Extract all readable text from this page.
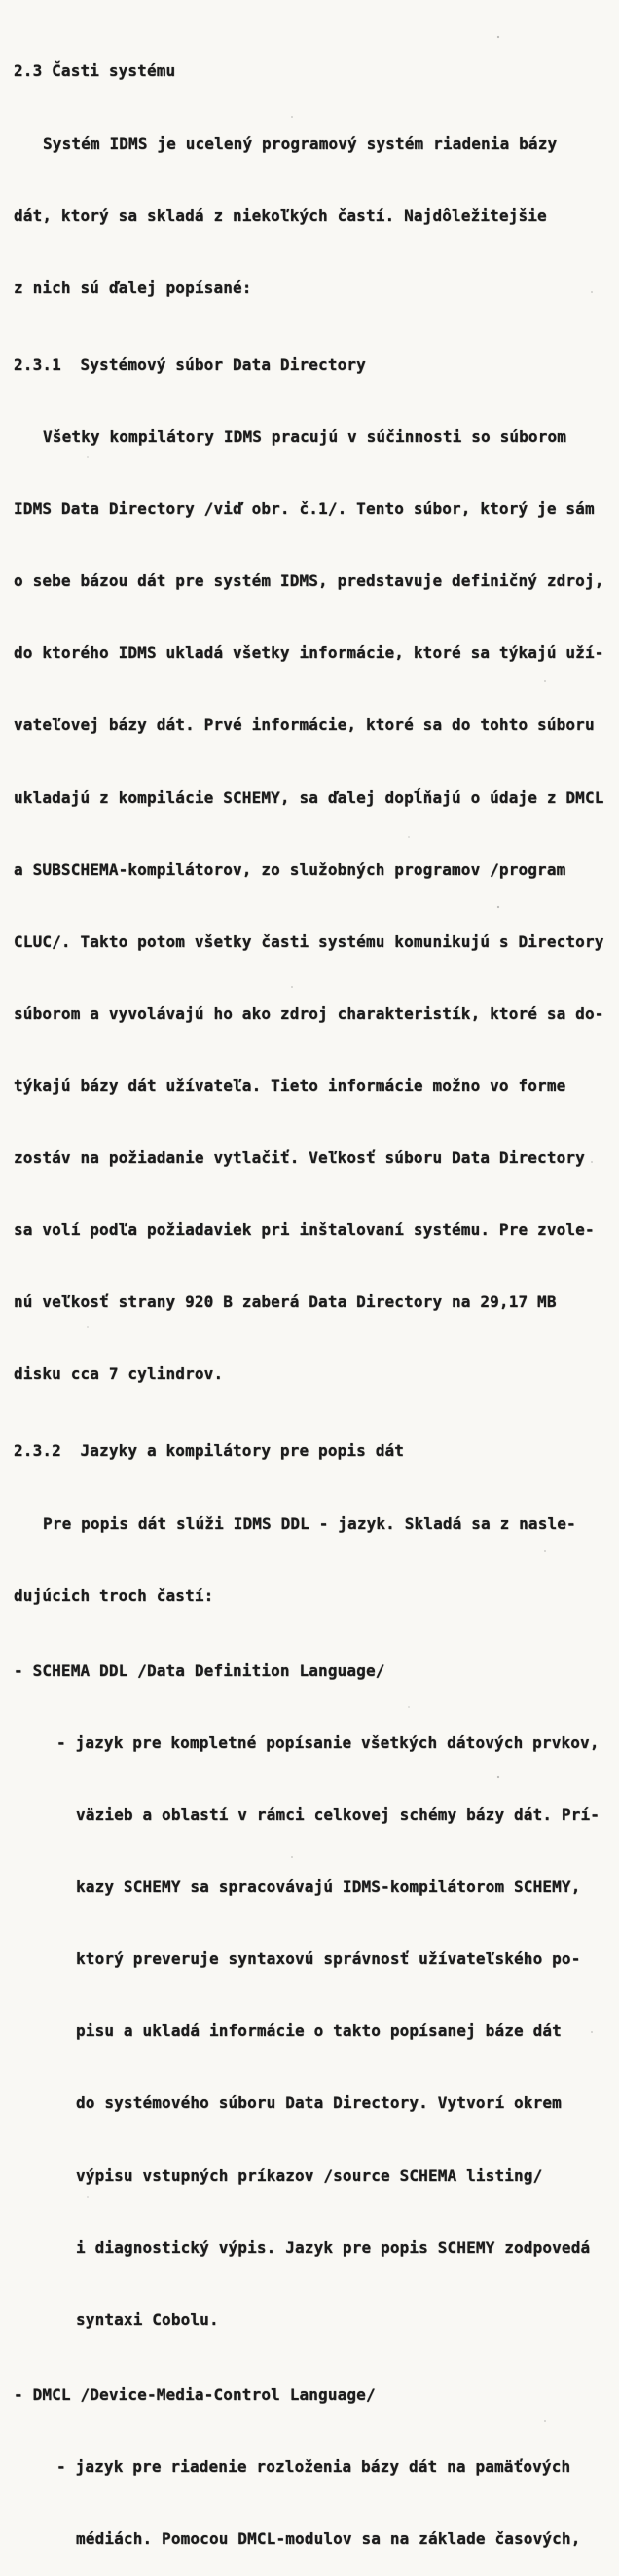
2.3 Časti systému

Systém IDMS je ucelený programový systém riadenia bázy

dát, ktorý sa skladá z niekoľkých častí. Najdôležitejšie

z nich sú ďalej popísané:

2.3.1  Systémový súbor Data Directory

Všetky kompilátory IDMS pracujú v súčinnosti so súborom

IDMS Data Directory /viď obr. č.1/. Tento súbor, ktorý je sám

o sebe bázou dát pre systém IDMS, predstavuje definičný zdroj,

do ktorého IDMS ukladá všetky informácie, ktoré sa týkajú uží-

vateľovej bázy dát. Prvé informácie, ktoré sa do tohto súboru

ukladajú z kompilácie SCHEMY, sa ďalej dopĺňajú o údaje z DMCL

a SUBSCHEMA-kompilátorov, zo služobných programov /program

CLUC/. Takto potom všetky časti systému komunikujú s Directory

súborom a vyvolávajú ho ako zdroj charakteristík, ktoré sa do-

týkajú bázy dát užívateľa. Tieto informácie možno vo forme

zostáv na požiadanie vytlačiť. Veľkosť súboru Data Directory

sa volí podľa požiadaviek pri inštalovaní systému. Pre zvole-

nú veľkosť strany 920 B zaberá Data Directory na 29,17 MB

disku cca 7 cylindrov.

2.3.2  Jazyky a kompilátory pre popis dát

Pre popis dát slúži IDMS DDL - jazyk. Skladá sa z nasle-

dujúcich troch častí:

- SCHEMA DDL /Data Definition Language/

- jazyk pre kompletné popísanie všetkých dátových prvkov,

väzieb a oblastí v rámci celkovej schémy bázy dát. Prí-

kazy SCHEMY sa spracovávajú IDMS-kompilátorom SCHEMY,

ktorý preveruje syntaxovú správnosť užívateľského po-

pisu a ukladá informácie o takto popísanej báze dát

do systémového súboru Data Directory. Vytvorí okrem

výpisu vstupných príkazov /source SCHEMA listing/

i diagnostický výpis. Jazyk pre popis SCHEMY zodpovedá

syntaxi Cobolu.

- DMCL /Device-Media-Control Language/

- jazyk pre riadenie rozloženia bázy dát na pamäťových

médiách. Pomocou DMCL-modulov sa na základe časových,
